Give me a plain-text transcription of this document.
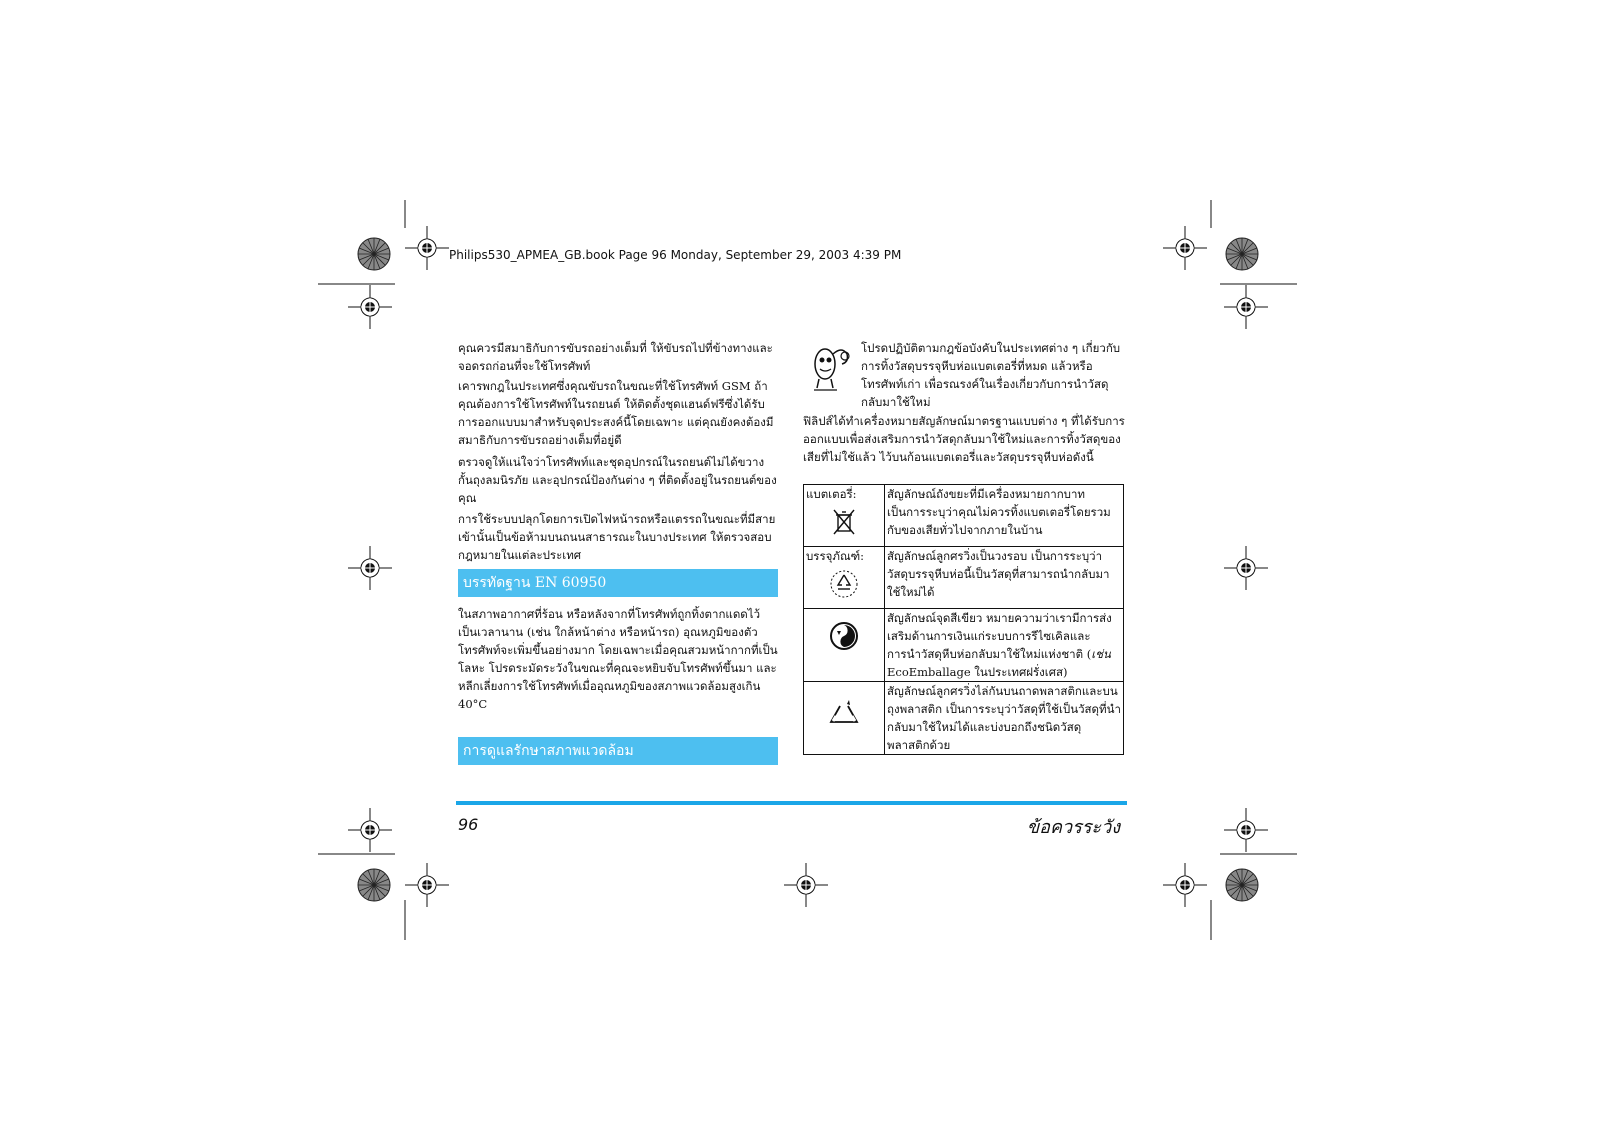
Philips530_APMEA_GB.book Page 96 Monday, September 29, 2003 4:39 PM
คุณควรมีสมาธิกับการขับรถอย่างเต็มที่ ให้ขับรถไปที่ข้างทางและจอดรถก่อนที่จะใช้โทรศัพท์
เคารพกฎในประเทศซึ่งคุณขับรถในขณะที่ใช้โทรศัพท์ GSM ถ้าคุณต้องการใช้โทรศัพท์ในรถยนต์ ให้ติดตั้งชุดแฮนด์ฟรีซึ่งได้รับการออกแบบมาสำหรับจุดประสงค์นี้โดยเฉพาะ แต่คุณยังคงต้องมีสมาธิกับการขับรถอย่างเต็มที่อยู่ดี
ตรวจดูให้แน่ใจว่าโทรศัพท์และชุดอุปกรณ์ในรถยนต์ไม่ได้ขวางกั้นถุงลมนิรภัย และอุปกรณ์ป้องกันต่าง ๆ ที่ติดตั้งอยู่ในรถยนต์ของคุณ
การใช้ระบบปลุกโดยการเปิดไฟหน้ารถหรือแตรรถในขณะที่มีสายเข้านั้นเป็นข้อห้ามบนถนนสาธารณะในบางประเทศ ให้ตรวจสอบกฎหมายในแต่ละประเทศ
บรรทัดฐาน EN 60950
ในสภาพอากาศที่ร้อน หรือหลังจากที่โทรศัพท์ถูกทิ้งตากแดดไว้เป็นเวลานาน (เช่น ใกล้หน้าต่าง หรือหน้ารถ) อุณหภูมิของตัวโทรศัพท์จะเพิ่มขึ้นอย่างมาก โดยเฉพาะเมื่อคุณสวมหน้ากากที่เป็นโลหะ โปรดระมัดระวังในขณะที่คุณจะหยิบจับโทรศัพท์ขึ้นมา และหลีกเลี่ยงการใช้โทรศัพท์เมื่ออุณหภูมิของสภาพแวดล้อมสูงเกิน 40°C
การดูแลรักษาสภาพแวดล้อม
โปรดปฏิบัติตามกฎข้อบังคับในประเทศต่าง ๆ เกี่ยวกับการทิ้งวัสดุบรรจุหีบห่อแบตเตอรี่ที่หมด แล้วหรือโทรศัพท์เก่า เพื่อรณรงค์ในเรื่องเกี่ยวกับการนำวัสดุกลับมาใช้ใหม่
ฟิลิปส์ได้ทำเครื่องหมายสัญลักษณ์มาตรฐานแบบต่าง ๆ ที่ได้รับการออกแบบเพื่อส่งเสริมการนำวัสดุกลับมาใช้ใหม่และการทิ้งวัสดุของเสียที่ไม่ใช้แล้ว ไว้บนก้อนแบตเตอรี่และวัสดุบรรจุหีบห่อดังนี้
แบตเตอรี่:	สัญลักษณ์ถังขยะที่มีเครื่องหมายกากบาท เป็นการระบุว่าคุณไม่ควรทิ้งแบตเตอรี่โดยรวมกับของเสียทั่วไปจากภายในบ้าน
บรรจุภัณฑ์:	สัญลักษณ์ลูกศรวิ่งเป็นวงรอบ เป็นการระบุว่าวัสดุบรรจุหีบห่อนี้เป็นวัสดุที่สามารถนำกลับมาใช้ใหม่ได้

	สัญลักษณ์จุดสีเขียว หมายความว่าเรามีการส่งเสริมด้านการเงินแก่ระบบการรีไซเคิลและการนำวัสดุหีบห่อกลับมาใช้ใหม่แห่งชาติ (เช่น EcoEmballage ในประเทศฝรั่งเศส)

	สัญลักษณ์ลูกศรวิ่งไล่กันบนถาดพลาสติกและบนถุงพลาสติก เป็นการระบุว่าวัสดุที่ใช้เป็นวัสดุที่นำกลับมาใช้ใหม่ได้และบ่งบอกถึงชนิดวัสดุพลาสติกด้วย
96	ข้อควรระวัง
